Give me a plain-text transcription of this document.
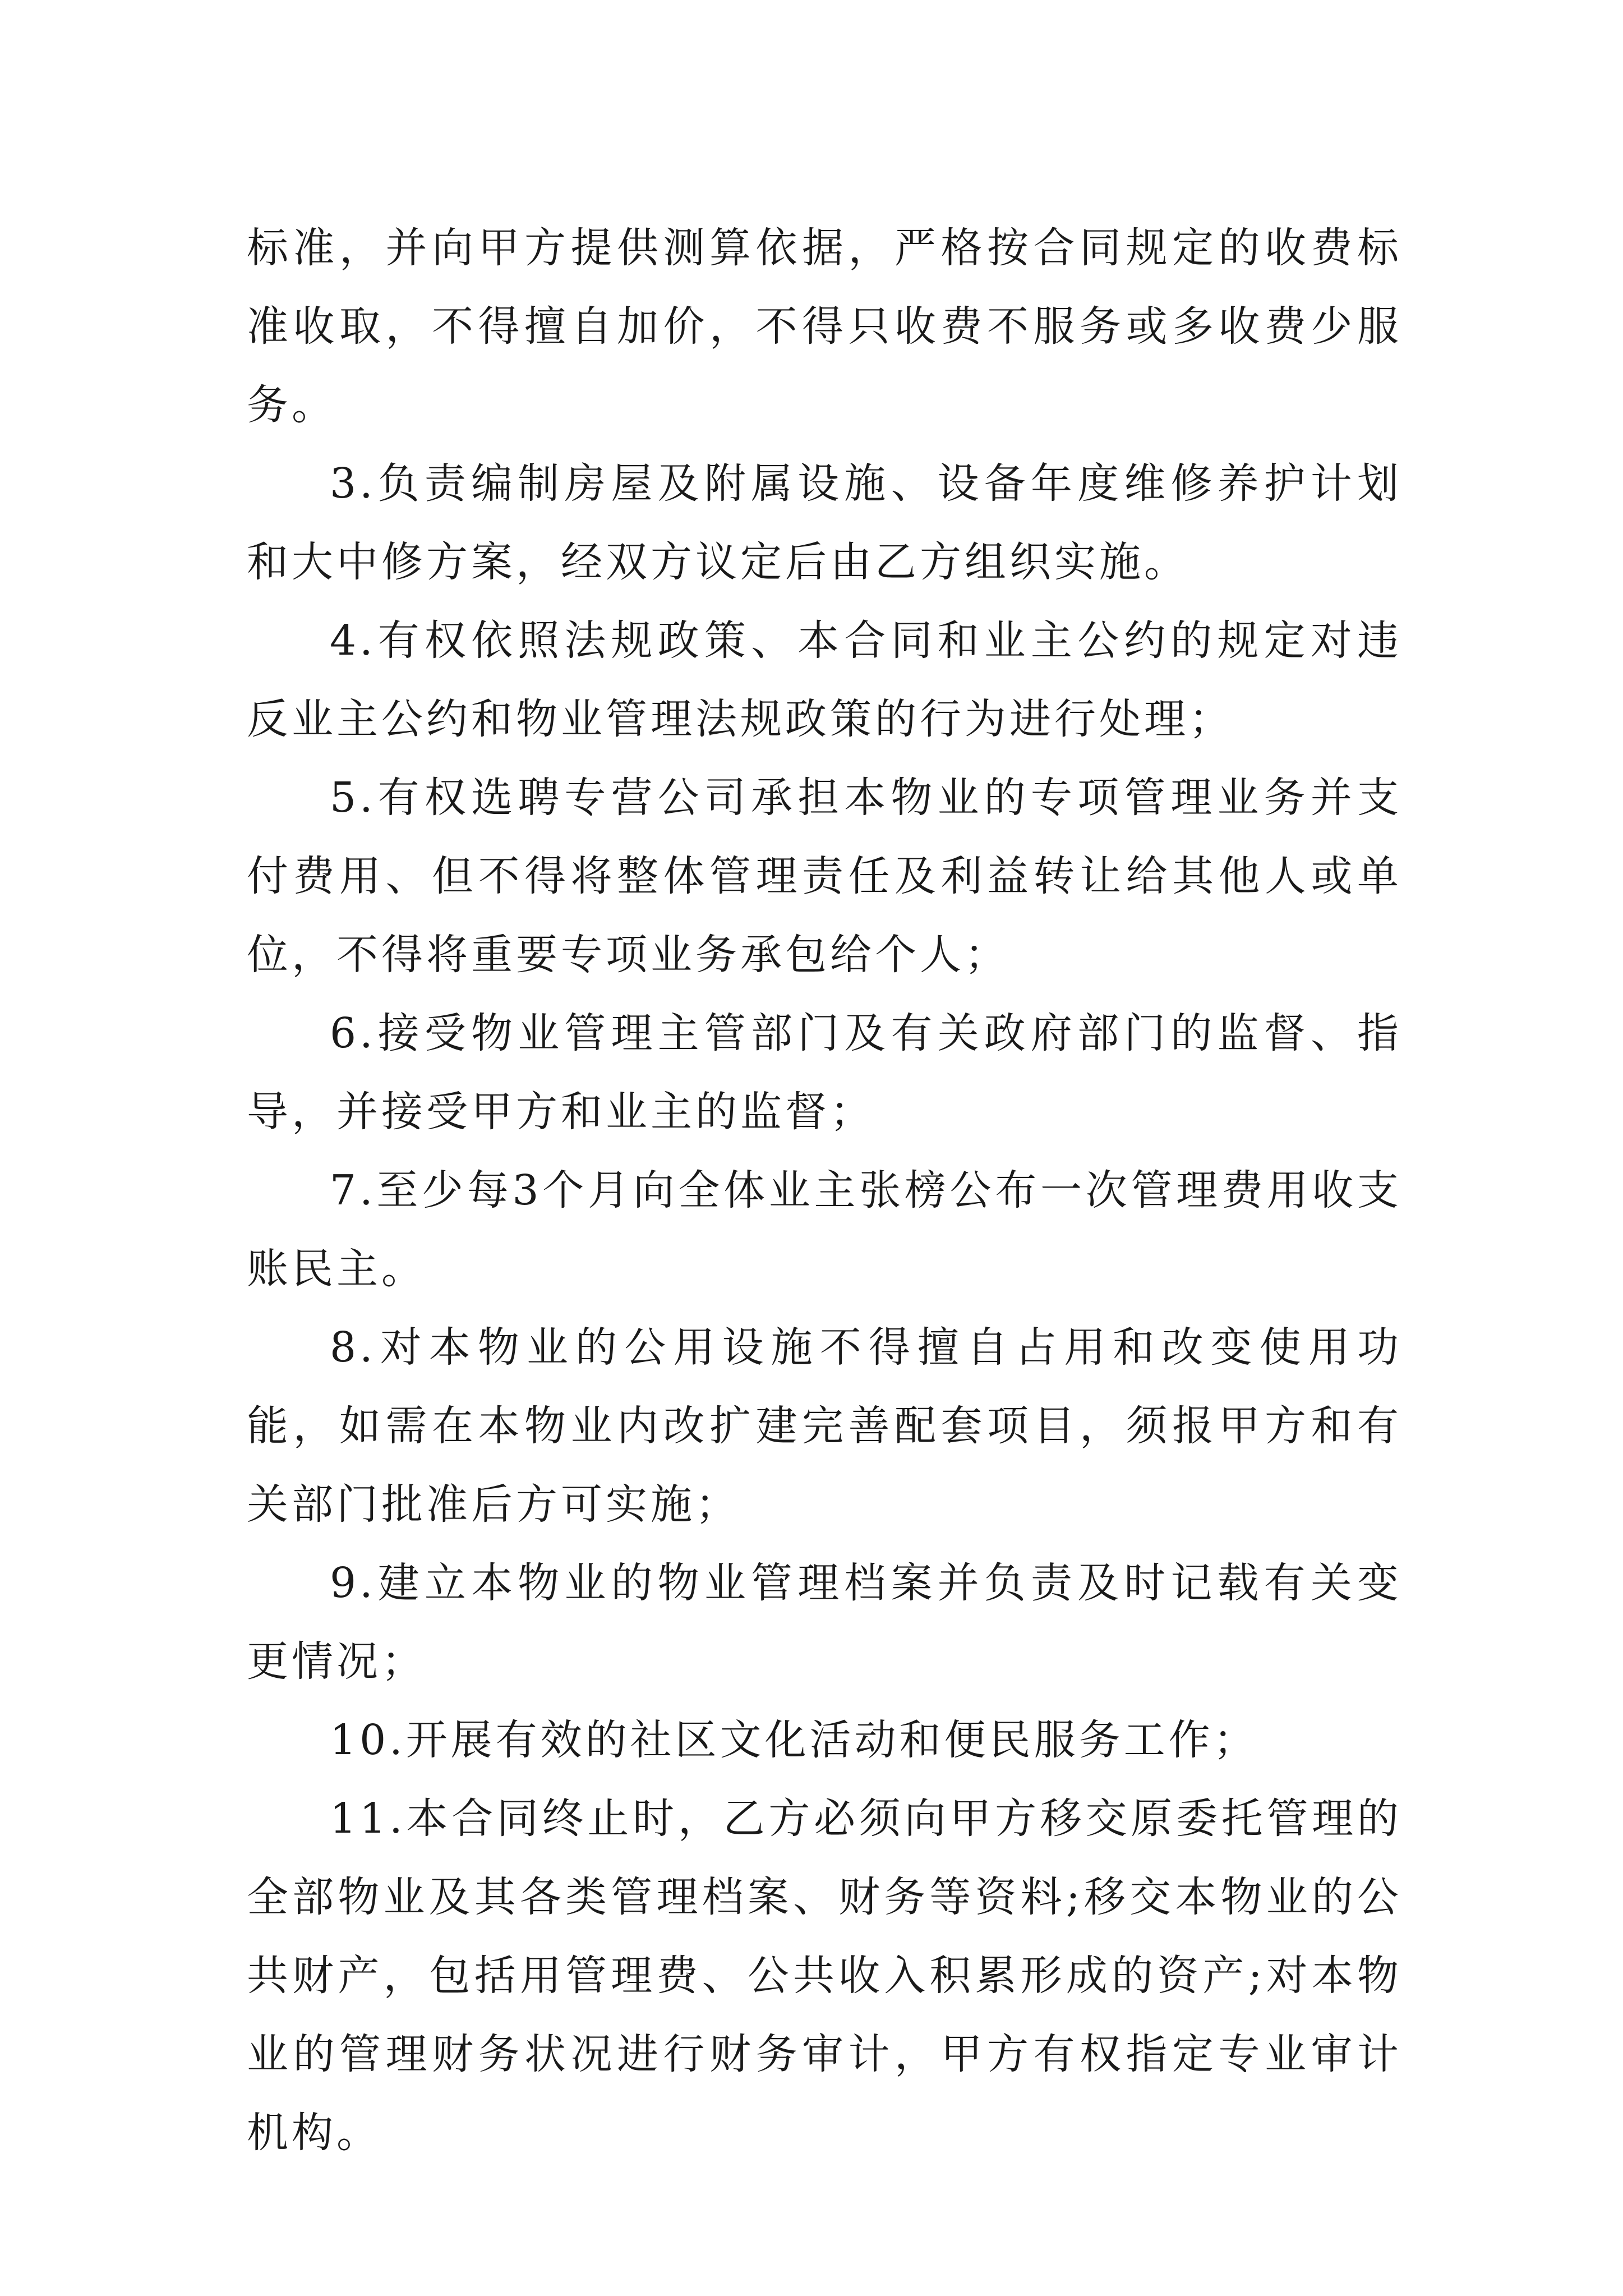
标准，并向甲方提供测算依据，严格按合同规定的收费标准收取，不得擅自加价，不得只收费不服务或多收费少服务。

3.负责编制房屋及附属设施、设备年度维修养护计划和大中修方案，经双方议定后由乙方组织实施。

4.有权依照法规政策、本合同和业主公约的规定对违反业主公约和物业管理法规政策的行为进行处理；

5.有权选聘专营公司承担本物业的专项管理业务并支付费用、但不得将整体管理责任及利益转让给其他人或单位，不得将重要专项业务承包给个人；

6.接受物业管理主管部门及有关政府部门的监督、指导，并接受甲方和业主的监督；

7.至少每3个月向全体业主张榜公布一次管理费用收支账民主。

8.对本物业的公用设施不得擅自占用和改变使用功能，如需在本物业内改扩建完善配套项目，须报甲方和有关部门批准后方可实施；

9.建立本物业的物业管理档案并负责及时记载有关变更情况；

10.开展有效的社区文化活动和便民服务工作；

11.本合同终止时，乙方必须向甲方移交原委托管理的全部物业及其各类管理档案、财务等资料;移交本物业的公共财产，包括用管理费、公共收入积累形成的资产;对本物业的管理财务状况进行财务审计，甲方有权指定专业审计机构。
